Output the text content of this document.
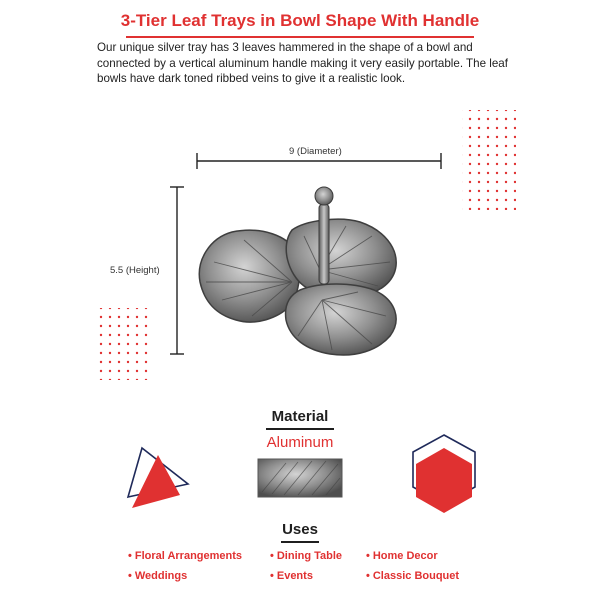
3-Tier Leaf Trays in Bowl Shape With Handle
Our unique silver tray has 3 leaves hammered in the shape of a bowl and connected by a vertical aluminum handle making it very easily portable. The leaf bowls have dark toned ribbed veins to give it a realistic look.
9 (Diameter)
5.5 (Height)
Material
Aluminum
Uses
• Floral Arrangements	• Dining Table • Home Decor
• Weddings	• Events	• Classic Bouquet
